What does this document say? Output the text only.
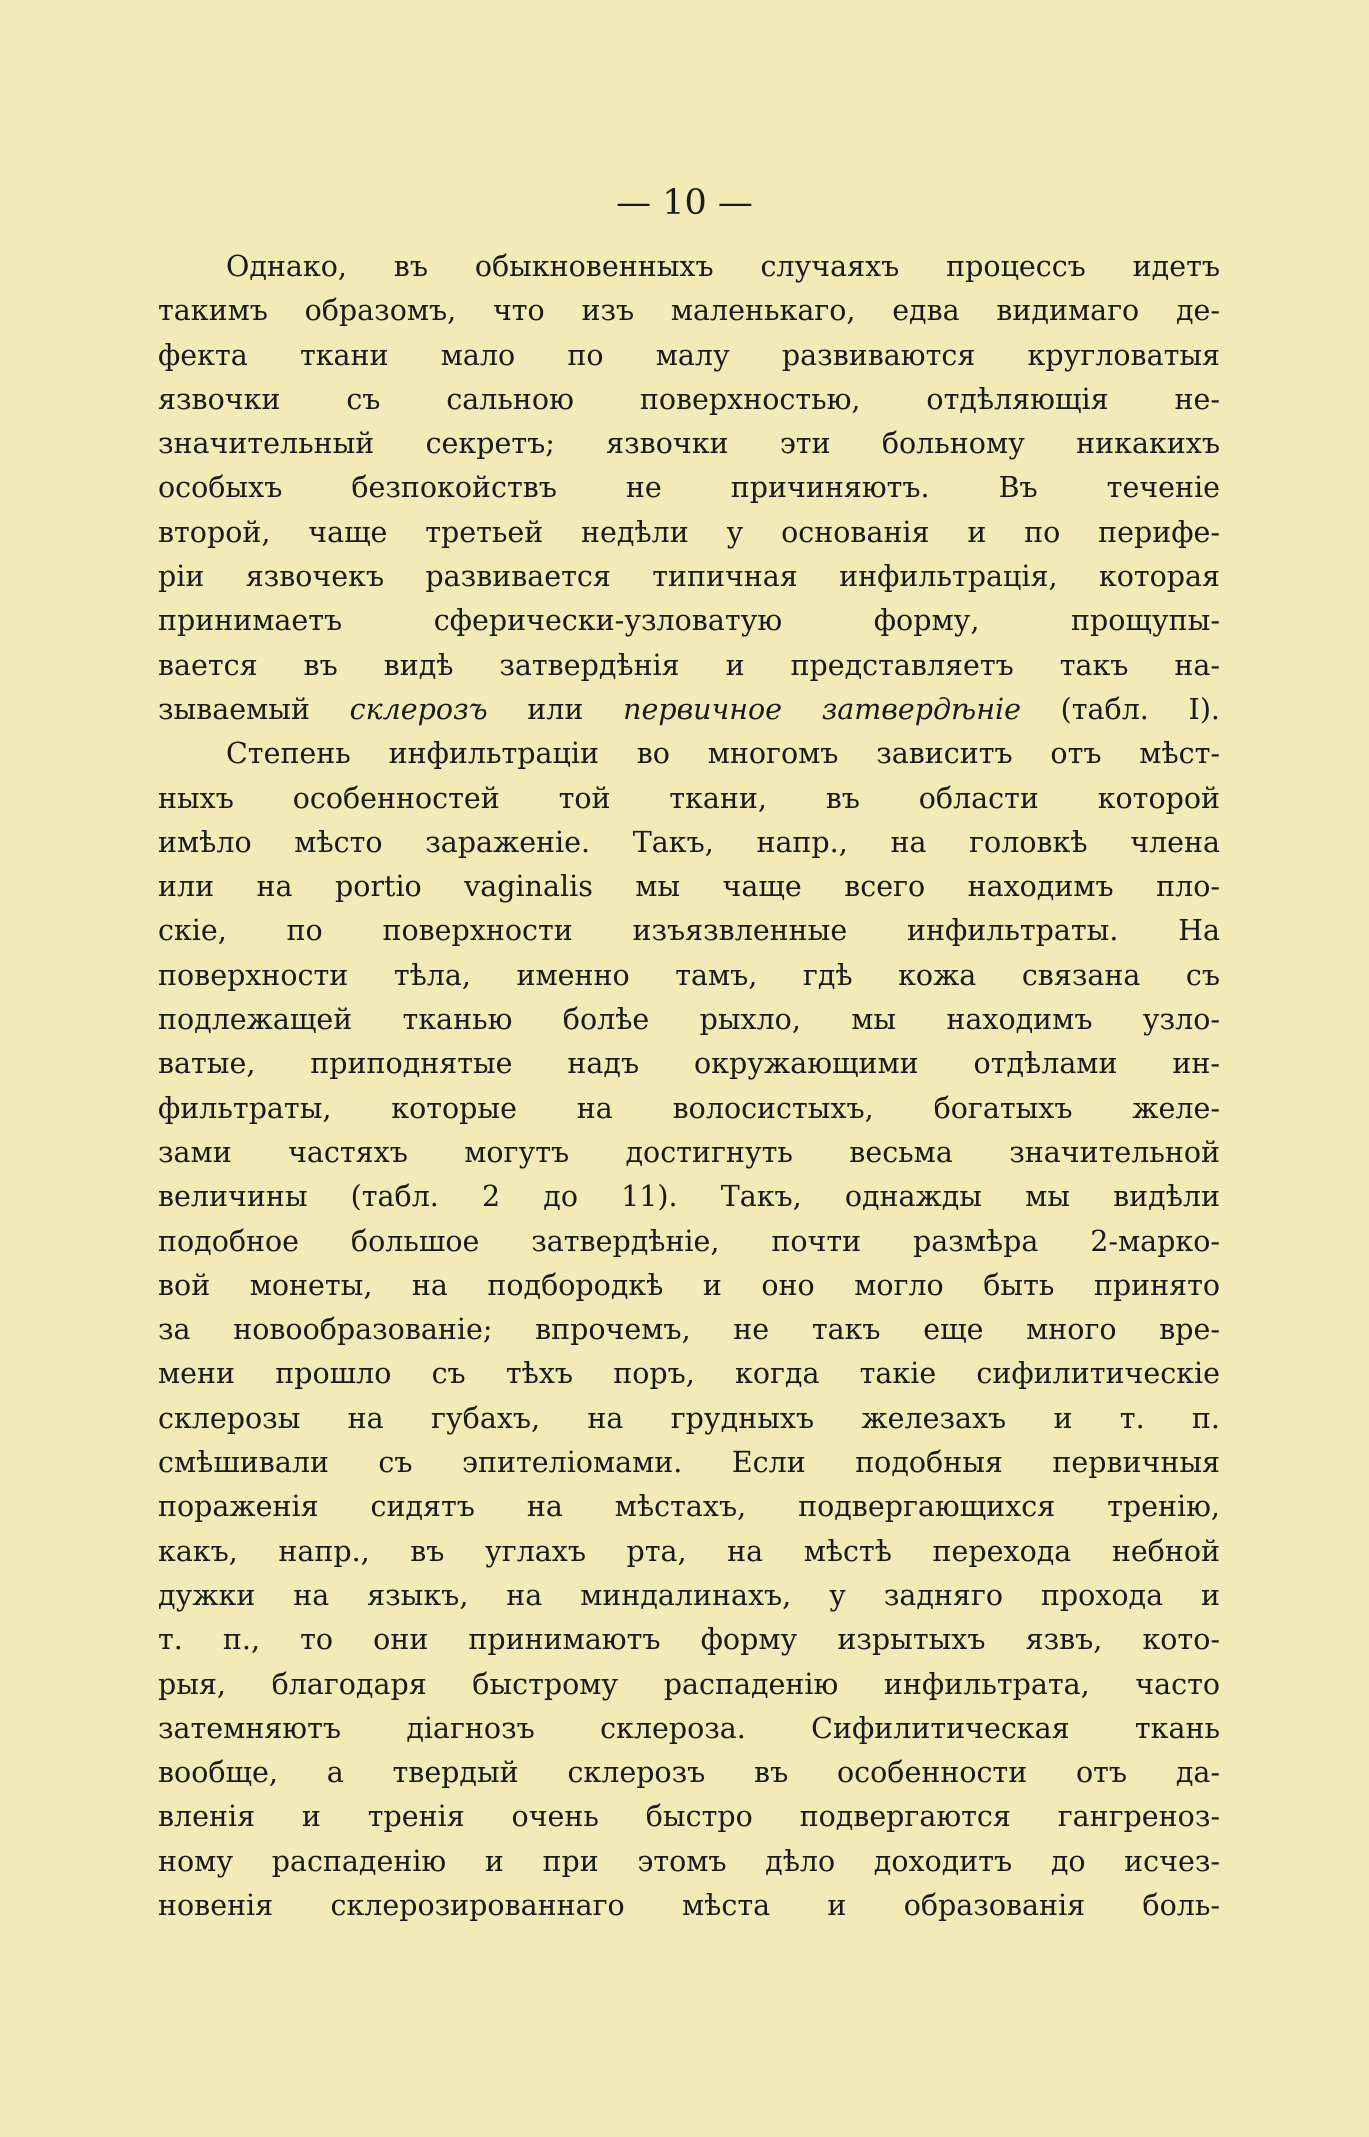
— 10 —
Однако, въ обыкновенныхъ случаяхъ процессъ идетъ
такимъ образомъ, что изъ маленькаго, едва видимаго де-
фекта ткани мало по малу развиваются кругловатыя
язвочки съ сальною поверхностью, отдѣляющія не-
значительный секретъ; язвочки эти больному никакихъ
особыхъ безпокойствъ не причиняютъ. Въ теченіе
второй, чаще третьей недѣли у основанія и по перифе-
ріи язвочекъ развивается типичная инфильтрація, которая
принимаетъ сферически-узловатую форму, прощупы-
вается въ видѣ затвердѣнія и представляетъ такъ на-
зываемый склерозъ или первичное затвердѣніе (табл. I).
Степень инфильтраціи во многомъ зависитъ отъ мѣст-
ныхъ особенностей той ткани, въ области которой
имѣло мѣсто зараженіе. Такъ, напр., на головкѣ члена
или на portio vaginalis мы чаще всего находимъ пло-
скіе, по поверхности изъязвленные инфильтраты. На
поверхности тѣла, именно тамъ, гдѣ кожа связана съ
подлежащей тканью болѣе рыхло, мы находимъ узло-
ватые, приподнятые надъ окружающими отдѣлами ин-
фильтраты, которые на волосистыхъ, богатыхъ желе-
зами частяхъ могутъ достигнуть весьма значительной
величины (табл. 2 до 11). Такъ, однажды мы видѣли
подобное большое затвердѣніе, почти размѣра 2-марко-
вой монеты, на подбородкѣ и оно могло быть принято
за новообразованіе; впрочемъ, не такъ еще много вре-
мени прошло съ тѣхъ поръ, когда такіе сифилитическіе
склерозы на губахъ, на грудныхъ железахъ и т. п.
смѣшивали съ эпителіомами. Если подобныя первичныя
пораженія сидятъ на мѣстахъ, подвергающихся тренію,
какъ, напр., въ углахъ рта, на мѣстѣ перехода небной
дужки на языкъ, на миндалинахъ, у задняго прохода и
т. п., то они принимаютъ форму изрытыхъ язвъ, кото-
рыя, благодаря быстрому распаденію инфильтрата, часто
затемняютъ діагнозъ склероза. Сифилитическая ткань
вообще, а твердый склерозъ въ особенности отъ да-
вленія и тренія очень быстро подвергаются гангреноз-
ному распаденію и при этомъ дѣло доходитъ до исчез-
новенія склерозированнаго мѣста и образованія боль-
